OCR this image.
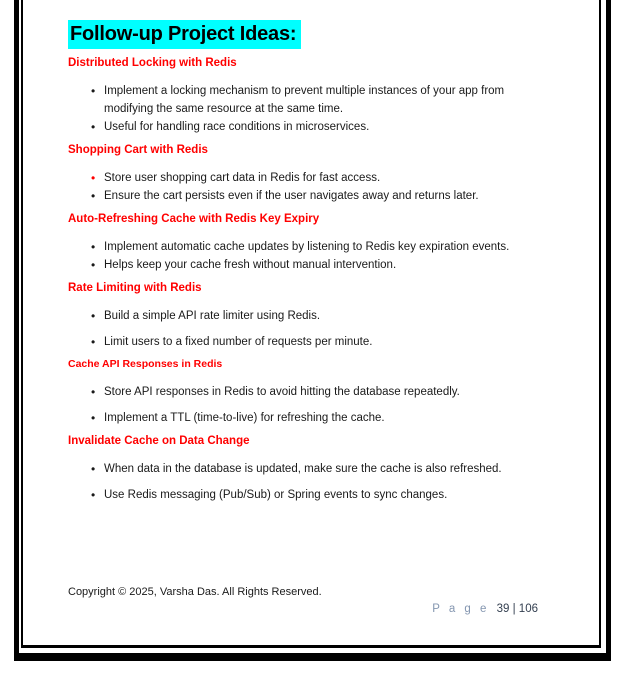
Follow-up Project Ideas:

Distributed Locking with Redis

• Implement a locking mechanism to prevent multiple instances of your app from modifying the same resource at the same time.
• Useful for handling race conditions in microservices.

Shopping Cart with Redis

• Store user shopping cart data in Redis for fast access.
• Ensure the cart persists even if the user navigates away and returns later.

Auto-Refreshing Cache with Redis Key Expiry

• Implement automatic cache updates by listening to Redis key expiration events.
• Helps keep your cache fresh without manual intervention.

Rate Limiting with Redis

• Build a simple API rate limiter using Redis.
• Limit users to a fixed number of requests per minute.

Cache API Responses in Redis

• Store API responses in Redis to avoid hitting the database repeatedly.
• Implement a TTL (time-to-live) for refreshing the cache.

Invalidate Cache on Data Change

• When data in the database is updated, make sure the cache is also refreshed.
• Use Redis messaging (Pub/Sub) or Spring events to sync changes.
Copyright © 2025, Varsha Das. All Rights Reserved.
P a g e 39 | 106
